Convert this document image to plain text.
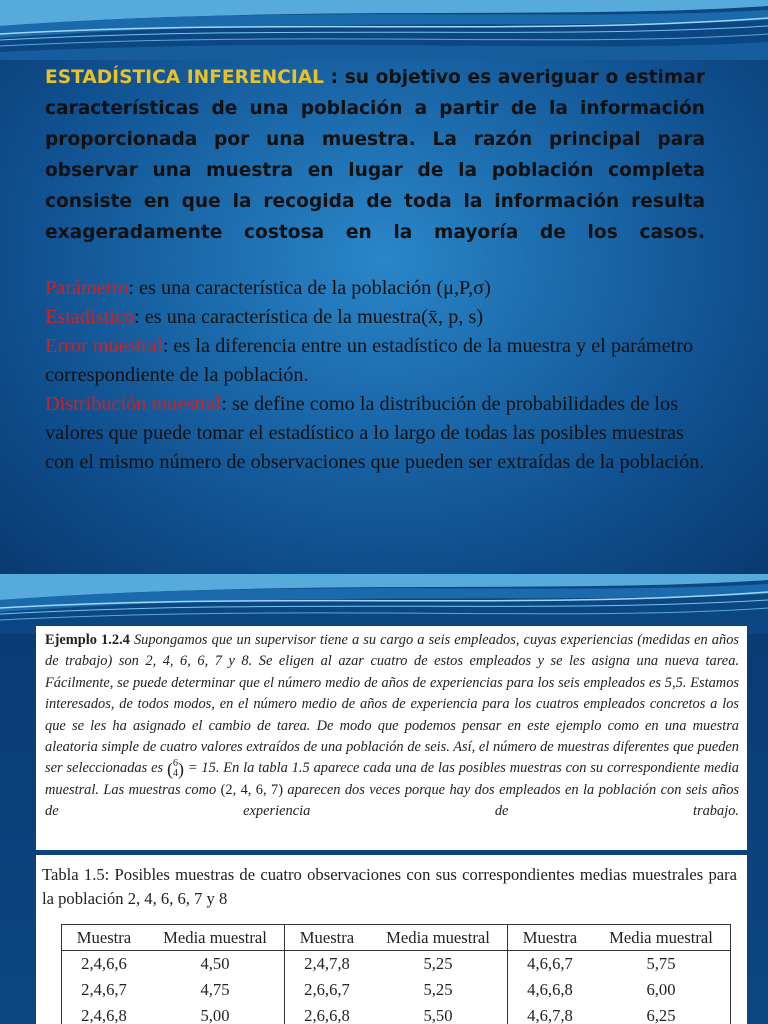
ESTADÍSTICA INFERENCIAL : su objetivo es averiguar o estimar características de una población a partir de la información proporcionada por una muestra. La razón principal para observar una muestra en lugar de la población completa consiste en que la recogida de toda la información resulta exageradamente costosa en la mayoría de los casos.

Parámetro: es una característica de la población (μ,P,σ)

Estadístico: es una característica de la muestra(x̄, p, s)

Error muestral: es la diferencia entre un estadístico de la muestra y el parámetro correspondiente de la población.

Distribución muestral: se define como la distribución de probabilidades de los valores que puede tomar el estadístico a lo largo de todas las posibles muestras con el mismo número de observaciones que pueden ser extraídas de la población.

Ejemplo 1.2.4 Supongamos que un supervisor tiene a su cargo a seis empleados, cuyas experiencias (medidas en años de trabajo) son 2, 4, 6, 6, 7 y 8. Se eligen al azar cuatro de estos empleados y se les asigna una nueva tarea. Fácilmente, se puede determinar que el número medio de años de experiencias para los seis empleados es 5,5. Estamos interesados, de todos modos, en el número medio de años de experiencia para los cuatros empleados concretos a los que se les ha asignado el cambio de tarea. De modo que podemos pensar en este ejemplo como en una muestra aleatoria simple de cuatro valores extraídos de una población de seis. Así, el número de muestras diferentes que pueden ser seleccionadas es ( 6
4 ) = 15. En la tabla 1.5 aparece cada una de las posibles muestras con su correspondiente media muestral. Las muestras como (2, 4, 6, 7) aparecen dos veces porque hay dos empleados en la población con seis años de experiencia de trabajo.

Tabla 1.5: Posibles muestras de cuatro observaciones con sus correspondientes medias muestrales para la población 2, 4, 6, 6, 7 y 8

Muestra	Media muestral	Muestra	Media muestral	Muestra	Media muestral
2,4,6,6	4,50	2,4,7,8	5,25	4,6,6,7	5,75
2,4,6,7	4,75	2,6,6,7	5,25	4,6,6,8	6,00
2,4,6,8	5,00	2,6,6,8	5,50	4,6,7,8	6,25
